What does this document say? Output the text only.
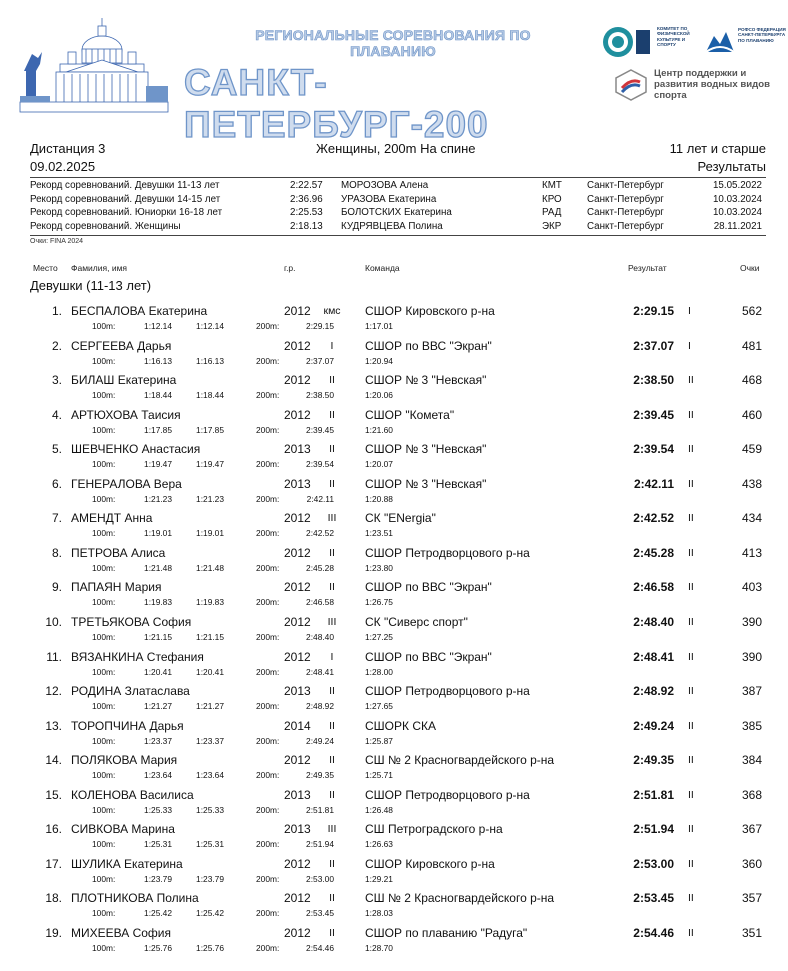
РЕГИОНАЛЬНЫЕ СОРЕВНОВАНИЯ ПО ПЛАВАНИЮ
САНКТ-ПЕТЕРБУРГ-200
КОМИТЕТ ПО ФИЗИЧЕСКОЙ КУЛЬТУРЕ И СПОРТУ
РОФСО ФЕДЕРАЦИЯ САНКТ-ПЕТЕРБУРГА ПО ПЛАВАНИЮ
Центр поддержки и развития водных видов спорта
Дистанция 3
09.02.2025
Женщины, 200m На спине	11 лет и старше
Результаты
Рекорд соревнований. Девушки 11-13 лет	2:22.57 МОРОЗОВА Алена	КМТ	Санкт-Петербург	15.05.2022
Рекорд соревнований. Девушки 14-15 лет	2:36.96 УРАЗОВА Екатерина	КРО	Санкт-Петербург	10.03.2024
Рекорд соревнований. Юниорки 16-18 лет	2:25.53 БОЛОТСКИХ Екатерина	РАД	Санкт-Петербург	10.03.2024
Рекорд соревнований. Женщины	2:18.13 КУДРЯВЦЕВА Полина	ЭКР	Санкт-Петербург	28.11.2021
Очки: FINA 2024
Место Фамилия, имя	г.р.	Команда	Результат	Очки
Девушки (11-13 лет)
1. БЕСПАЛОВА Екатерина	2012	кмс	СШОР Кировского р-на	2:29.15 I	562
100m:	1:12.14	1:12.14	200m:	2:29.15	1:17.01
2. СЕРГЕЕВА Дарья	2012	I	СШОР по ВВС "Экран"	2:37.07 I	481
100m:	1:16.13	1:16.13	200m:	2:37.07	1:20.94
3. БИЛАШ Екатерина	2012	II	СШОР № 3 "Невская"	2:38.50 II	468
100m:	1:18.44	1:18.44	200m:	2:38.50	1:20.06
4. АРТЮХОВА Таисия	2012	II	СШОР "Комета"	2:39.45 II	460
100m:	1:17.85	1:17.85	200m:	2:39.45	1:21.60
5. ШЕВЧЕНКО Анастасия	2013	II	СШОР № 3 "Невская"	2:39.54 II	459
100m:	1:19.47	1:19.47	200m:	2:39.54	1:20.07
6. ГЕНЕРАЛОВА Вера	2013	II	СШОР № 3 "Невская"	2:42.11 II	438
100m:	1:21.23	1:21.23	200m:	2:42.11	1:20.88
7. АМЕНДТ Анна	2012	III	СК "ENergia"	2:42.52 II	434
100m:	1:19.01	1:19.01	200m:	2:42.52	1:23.51
8. ПЕТРОВА Алиса	2012	II	СШОР Петродворцового р-на	2:45.28 II	413
100m:	1:21.48	1:21.48	200m:	2:45.28	1:23.80
9. ПАПАЯН Мария	2012	II	СШОР по ВВС "Экран"	2:46.58 II	403
100m:	1:19.83	1:19.83	200m:	2:46.58	1:26.75
10. ТРЕТЬЯКОВА София	2012	III	СК "Сиверс спорт"	2:48.40 II	390
100m:	1:21.15	1:21.15	200m:	2:48.40	1:27.25
11. ВЯЗАНКИНА Стефания	2012	I	СШОР по ВВС "Экран"	2:48.41 II	390
100m:	1:20.41	1:20.41	200m:	2:48.41	1:28.00
12. РОДИНА Златаслава	2013	II	СШОР Петродворцового р-на	2:48.92 II	387
100m:	1:21.27	1:21.27	200m:	2:48.92	1:27.65
13. ТОРОПЧИНА Дарья	2014	II	СШОРК СКА	2:49.24 II	385
100m:	1:23.37	1:23.37	200m:	2:49.24	1:25.87
14. ПОЛЯКОВА Мария	2012	II	СШ № 2 Красногвардейского р-на	2:49.35 II	384
100m:	1:23.64	1:23.64	200m:	2:49.35	1:25.71
15. КОЛЕНОВА Василиса	2013	II	СШОР Петродворцового р-на	2:51.81 II	368
100m:	1:25.33	1:25.33	200m:	2:51.81	1:26.48
16. СИВКОВА Марина	2013	III	СШ Петроградского р-на	2:51.94 II	367
100m:	1:25.31	1:25.31	200m:	2:51.94	1:26.63
17. ШУЛИКА Екатерина	2012	II	СШОР Кировского р-на	2:53.00 II	360
100m:	1:23.79	1:23.79	200m:	2:53.00	1:29.21
18. ПЛОТНИКОВА Полина	2012	II	СШ № 2 Красногвардейского р-на	2:53.45 II	357
100m:	1:25.42	1:25.42	200m:	2:53.45	1:28.03
19. МИХЕЕВА София	2012	II	СШОР по плаванию "Радуга"	2:54.46 II	351
100m:	1:25.76	1:25.76	200m:	2:54.46	1:28.70
